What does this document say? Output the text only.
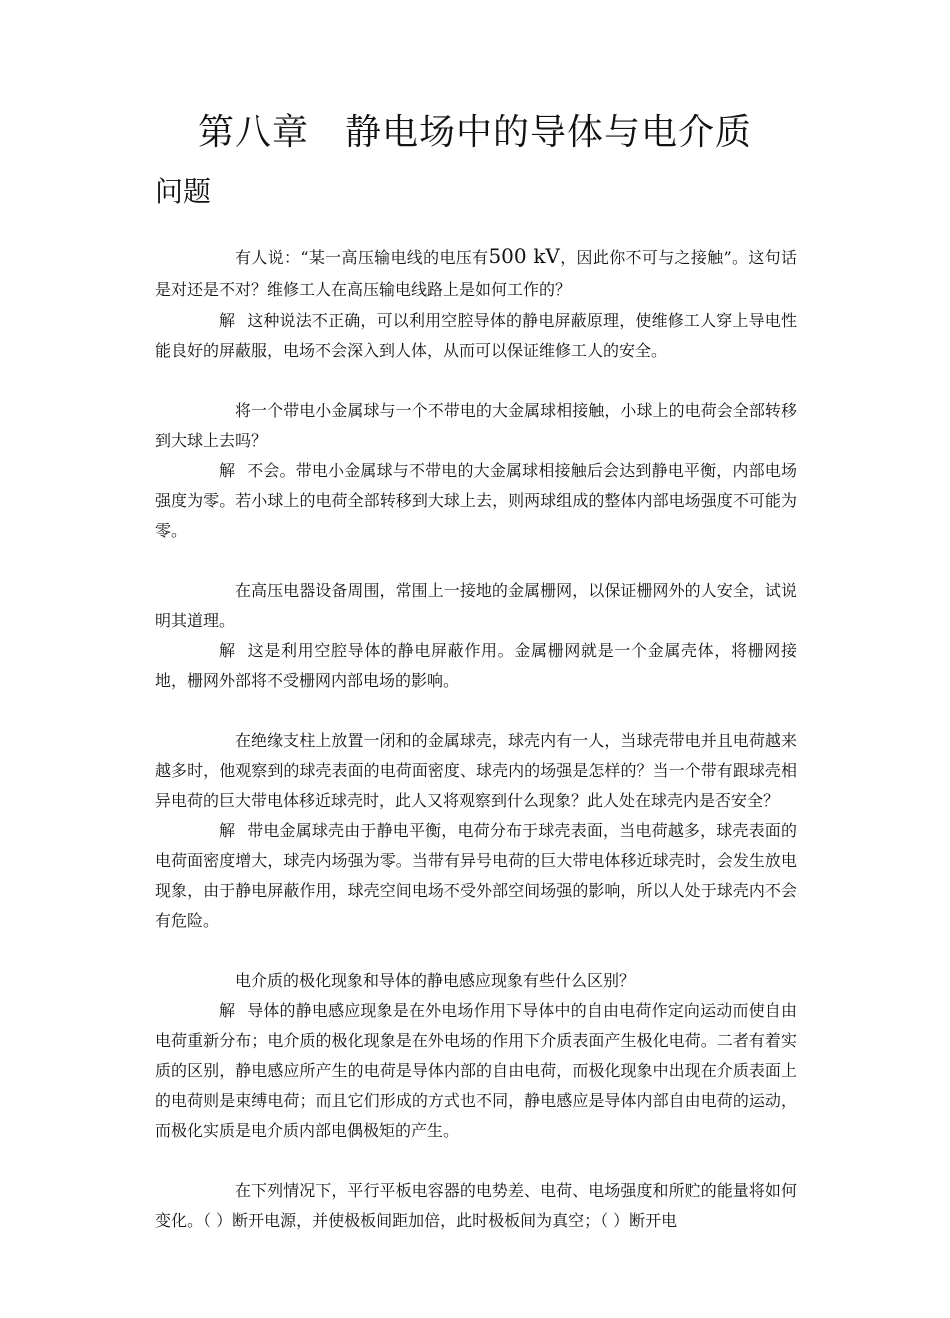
第八章 静电场中的导体与电介质
问题

有人说：“某一高压输电线的电压有500 kV，因此你不可与之接触”。这句话是对还是不对？维修工人在高压输电线路上是如何工作的？

解 这种说法不正确，可以利用空腔导体的静电屏蔽原理，使维修工人穿上导电性能良好的屏蔽服，电场不会深入到人体，从而可以保证维修工人的安全。

将一个带电小金属球与一个不带电的大金属球相接触，小球上的电荷会全部转移到大球上去吗？

解 不会。带电小金属球与不带电的大金属球相接触后会达到静电平衡，内部电场强度为零。若小球上的电荷全部转移到大球上去，则两球组成的整体内部电场强度不可能为零。

在高压电器设备周围，常围上一接地的金属栅网，以保证栅网外的人安全，试说明其道理。

解 这是利用空腔导体的静电屏蔽作用。金属栅网就是一个金属壳体，将栅网接地，栅网外部将不受栅网内部电场的影响。

在绝缘支柱上放置一闭和的金属球壳，球壳内有一人，当球壳带电并且电荷越来越多时，他观察到的球壳表面的电荷面密度、球壳内的场强是怎样的？当一个带有跟球壳相异电荷的巨大带电体移近球壳时，此人又将观察到什么现象？此人处在球壳内是否安全？

解 带电金属球壳由于静电平衡，电荷分布于球壳表面，当电荷越多，球壳表面的电荷面密度增大，球壳内场强为零。当带有异号电荷的巨大带电体移近球壳时，会发生放电现象，由于静电屏蔽作用，球壳空间电场不受外部空间场强的影响，所以人处于球壳内不会有危险。

电介质的极化现象和导体的静电感应现象有些什么区别？

解 导体的静电感应现象是在外电场作用下导体中的自由电荷作定向运动而使自由电荷重新分布；电介质的极化现象是在外电场的作用下介质表面产生极化电荷。二者有着实质的区别，静电感应所产生的电荷是导体内部的自由电荷，而极化现象中出现在介质表面上的电荷则是束缚电荷；而且它们形成的方式也不同，静电感应是导体内部自由电荷的运动，而极化实质是电介质内部电偶极矩的产生。

在下列情况下，平行平板电容器的电势差、电荷、电场强度和所贮的能量将如何变化。（ ）断开电源，并使极板间距加倍，此时极板间为真空；（ ）断开电
